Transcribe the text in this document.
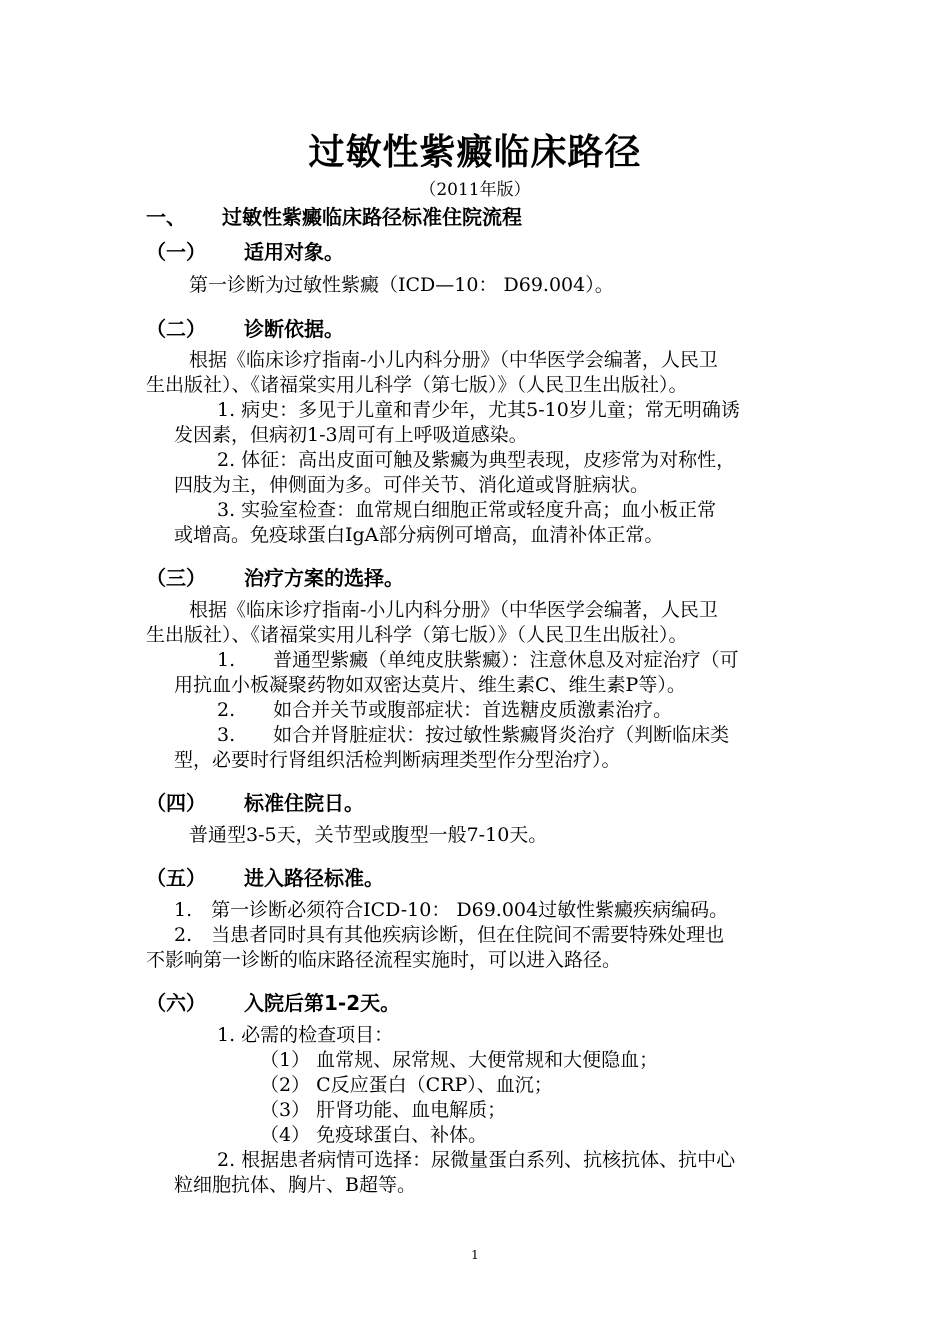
过敏性紫癜临床路径
（2011年版）
一、 过敏性紫癜临床路径标准住院流程
（一） 适用对象。
第一诊断为过敏性紫癜（ICD—10： D69.004）。
（二） 诊断依据。
根据《临床诊疗指南-小儿内科分册》（中华医学会编著，人民卫
生出版社）、《诸福棠实用儿科学（第七版）》（人民卫生出版社）。
1. 病史：多见于儿童和青少年，尤其5-10岁儿童；常无明确诱
发因素，但病初1-3周可有上呼吸道感染。
2. 体征：高出皮面可触及紫癜为典型表现，皮疹常为对称性，
四肢为主，伸侧面为多。可伴关节、消化道或肾脏病状。
3. 实验室检查：血常规白细胞正常或轻度升高；血小板正常
或增高。免疫球蛋白IgA部分病例可增高，血清补体正常。
（三） 治疗方案的选择。
根据《临床诊疗指南-小儿内科分册》（中华医学会编著，人民卫
生出版社）、《诸福棠实用儿科学（第七版）》（人民卫生出版社）。
1.　　普通型紫癜（单纯皮肤紫癜）：注意休息及对症治疗（可
用抗血小板凝聚药物如双密达莫片、维生素C、维生素P等）。
2.　　如合并关节或腹部症状：首选糖皮质激素治疗。
3.　　如合并肾脏症状：按过敏性紫癜肾炎治疗（判断临床类
型，必要时行肾组织活检判断病理类型作分型治疗）。
（四） 标准住院日。
普通型3-5天，关节型或腹型一般7-10天。
（五） 进入路径标准。
1.　第一诊断必须符合ICD-10： D69.004过敏性紫癜疾病编码。
2.　当患者同时具有其他疾病诊断，但在住院间不需要特殊处理也
不影响第一诊断的临床路径流程实施时，可以进入路径。
（六） 入院后第1-2天。
1. 必需的检查项目：
（1） 血常规、尿常规、大便常规和大便隐血；
（2） C反应蛋白（CRP）、血沉；
（3） 肝肾功能、血电解质；
（4） 免疫球蛋白、补体。
2. 根据患者病情可选择：尿微量蛋白系列、抗核抗体、抗中心
粒细胞抗体、胸片、B超等。
1
